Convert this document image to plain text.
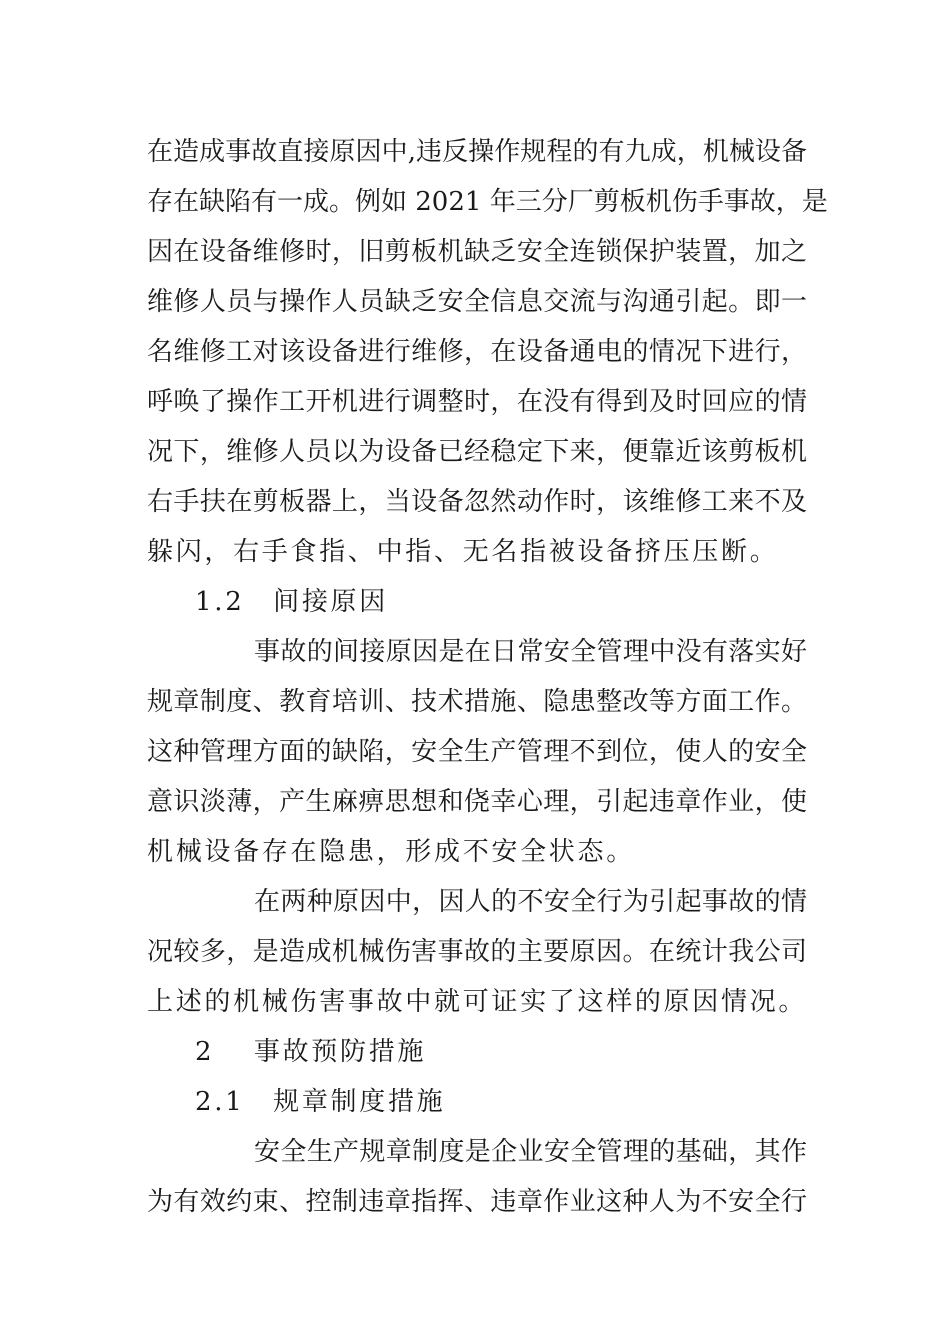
在造成事故直接原因中,违反操作规程的有九成，机械设备
存在缺陷有一成。例如 2021 年三分厂剪板机伤手事故，是
因在设备维修时，旧剪板机缺乏安全连锁保护装置，加之
维修人员与操作人员缺乏安全信息交流与沟通引起。即一
名维修工对该设备进行维修，在设备通电的情况下进行，
呼唤了操作工开机进行调整时，在没有得到及时回应的情
况下，维修人员以为设备已经稳定下来，便靠近该剪板机
右手扶在剪板器上，当设备忽然动作时，该维修工来不及
躲闪，右手食指、中指、无名指被设备挤压压断。
1.2　间接原因
事故的间接原因是在日常安全管理中没有落实好
规章制度、教育培训、技术措施、隐患整改等方面工作。
这种管理方面的缺陷，安全生产管理不到位，使人的安全
意识淡薄，产生麻痹思想和侥幸心理，引起违章作业，使
机械设备存在隐患，形成不安全状态。
在两种原因中，因人的不安全行为引起事故的情
况较多，是造成机械伤害事故的主要原因。在统计我公司
上述的机械伤害事故中就可证实了这样的原因情况。
2　 事故预防措施
2.1　规章制度措施
安全生产规章制度是企业安全管理的基础，其作
为有效约束、控制违章指挥、违章作业这种人为不安全行
